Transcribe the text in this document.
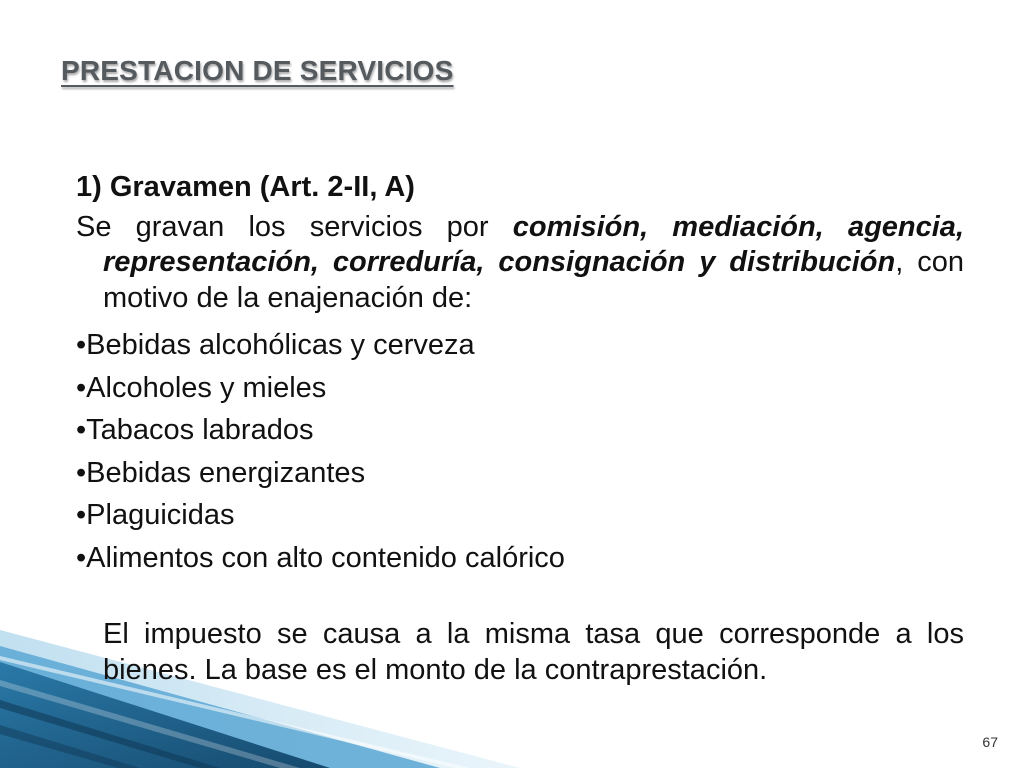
PRESTACION DE SERVICIOS

1) Gravamen (Art. 2-II, A)

Se gravan los servicios por comisión, mediación, agencia, representación, correduría, consignación y distribución, con motivo de la enajenación de:

•Bebidas alcohólicas y cerveza
•Alcoholes y mieles
•Tabacos labrados
•Bebidas energizantes
•Plaguicidas
•Alimentos con alto contenido calórico

El impuesto se causa a la misma tasa que corresponde a los bienes. La base es el monto de la contraprestación.

67
